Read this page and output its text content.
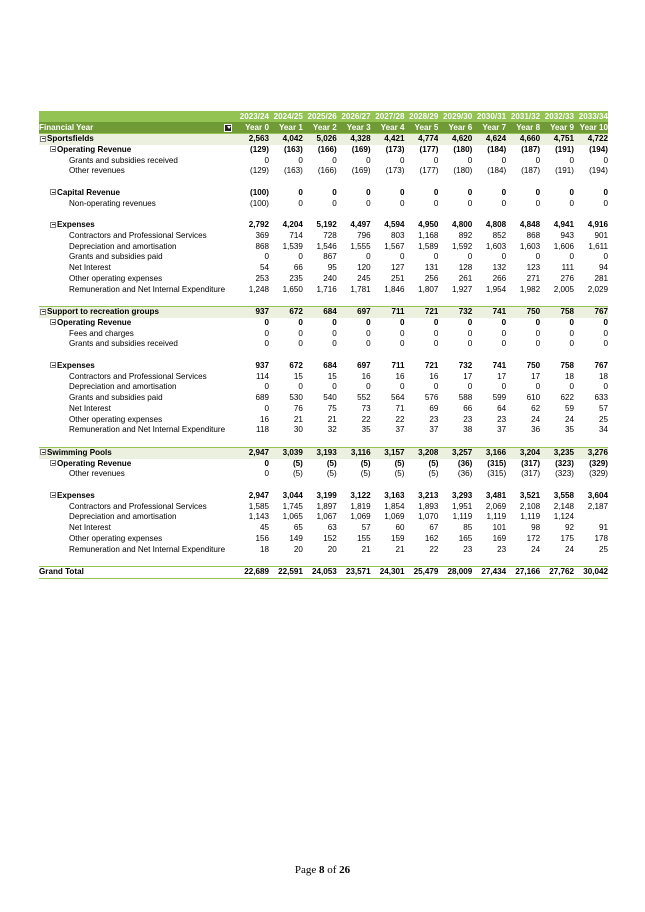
	2023/24	2024/25	2025/26	2026/27	2027/28	2028/29	2029/30	2030/31	2031/32	2032/33	2033/34
Financial Year	Year 0	Year 1	Year 2	Year 3	Year 4	Year 5	Year 6	Year 7	Year 8	Year 9	Year 10
Sportsfields	2,563	4,042	5,026	4,328	4,421	4,774	4,620	4,624	4,660	4,751	4,722
Operating Revenue	(129)	(163)	(166)	(169)	(173)	(177)	(180)	(184)	(187)	(191)	(194)
Grants and subsidies received	0	0	0	0	0	0	0	0	0	0	0
Other revenues	(129)	(163)	(166)	(169)	(173)	(177)	(180)	(184)	(187)	(191)	(194)

Capital Revenue	(100)	0	0	0	0	0	0	0	0	0	0
Non-operating revenues	(100)	0	0	0	0	0	0	0	0	0	0

Expenses	2,792	4,204	5,192	4,497	4,594	4,950	4,800	4,808	4,848	4,941	4,916
Contractors and Professional Services	369	714	728	796	803	1,168	892	852	868	943	901
Depreciation and amortisation	868	1,539	1,546	1,555	1,567	1,589	1,592	1,603	1,603	1,606	1,611
Grants and subsidies paid	0	0	867	0	0	0	0	0	0	0	0
Net Interest	54	66	95	120	127	131	128	132	123	111	94
Other operating expenses	253	235	240	245	251	256	261	266	271	276	281
Remuneration and Net Internal Expenditure	1,248	1,650	1,716	1,781	1,846	1,807	1,927	1,954	1,982	2,005	2,029

Support to recreation groups	937	672	684	697	711	721	732	741	750	758	767
Operating Revenue	0	0	0	0	0	0	0	0	0	0	0
Fees and charges	0	0	0	0	0	0	0	0	0	0	0
Grants and subsidies received	0	0	0	0	0	0	0	0	0	0	0

Expenses	937	672	684	697	711	721	732	741	750	758	767
Contractors and Professional Services	114	15	15	16	16	16	17	17	17	18	18
Depreciation and amortisation	0	0	0	0	0	0	0	0	0	0	0
Grants and subsidies paid	689	530	540	552	564	576	588	599	610	622	633
Net Interest	0	76	75	73	71	69	66	64	62	59	57
Other operating expenses	16	21	21	22	22	23	23	23	24	24	25
Remuneration and Net Internal Expenditure	118	30	32	35	37	37	38	37	36	35	34

Swimming Pools	2,947	3,039	3,193	3,116	3,157	3,208	3,257	3,166	3,204	3,235	3,276
Operating Revenue	0	(5)	(5)	(5)	(5)	(5)	(36)	(315)	(317)	(323)	(329)
Other revenues	0	(5)	(5)	(5)	(5)	(5)	(36)	(315)	(317)	(323)	(329)

Expenses	2,947	3,044	3,199	3,122	3,163	3,213	3,293	3,481	3,521	3,558	3,604
Contractors and Professional Services	1,585	1,745	1,897	1,819	1,854	1,893	1,951	2,069	2,108	2,148	2,187
Depreciation and amortisation	1,143	1,065	1,067	1,069	1,069	1,070	1,119	1,119	1,119	1,124	
Net Interest	45	65	63	57	60	67	85	101	98	92	91
Other operating expenses	156	149	152	155	159	162	165	169	172	175	178
Remuneration and Net Internal Expenditure	18	20	20	21	21	22	23	23	24	24	25

Grand Total	22,689	22,591	24,053	23,571	24,301	25,479	28,009	27,434	27,166	27,762	30,042
Page 8 of 26
